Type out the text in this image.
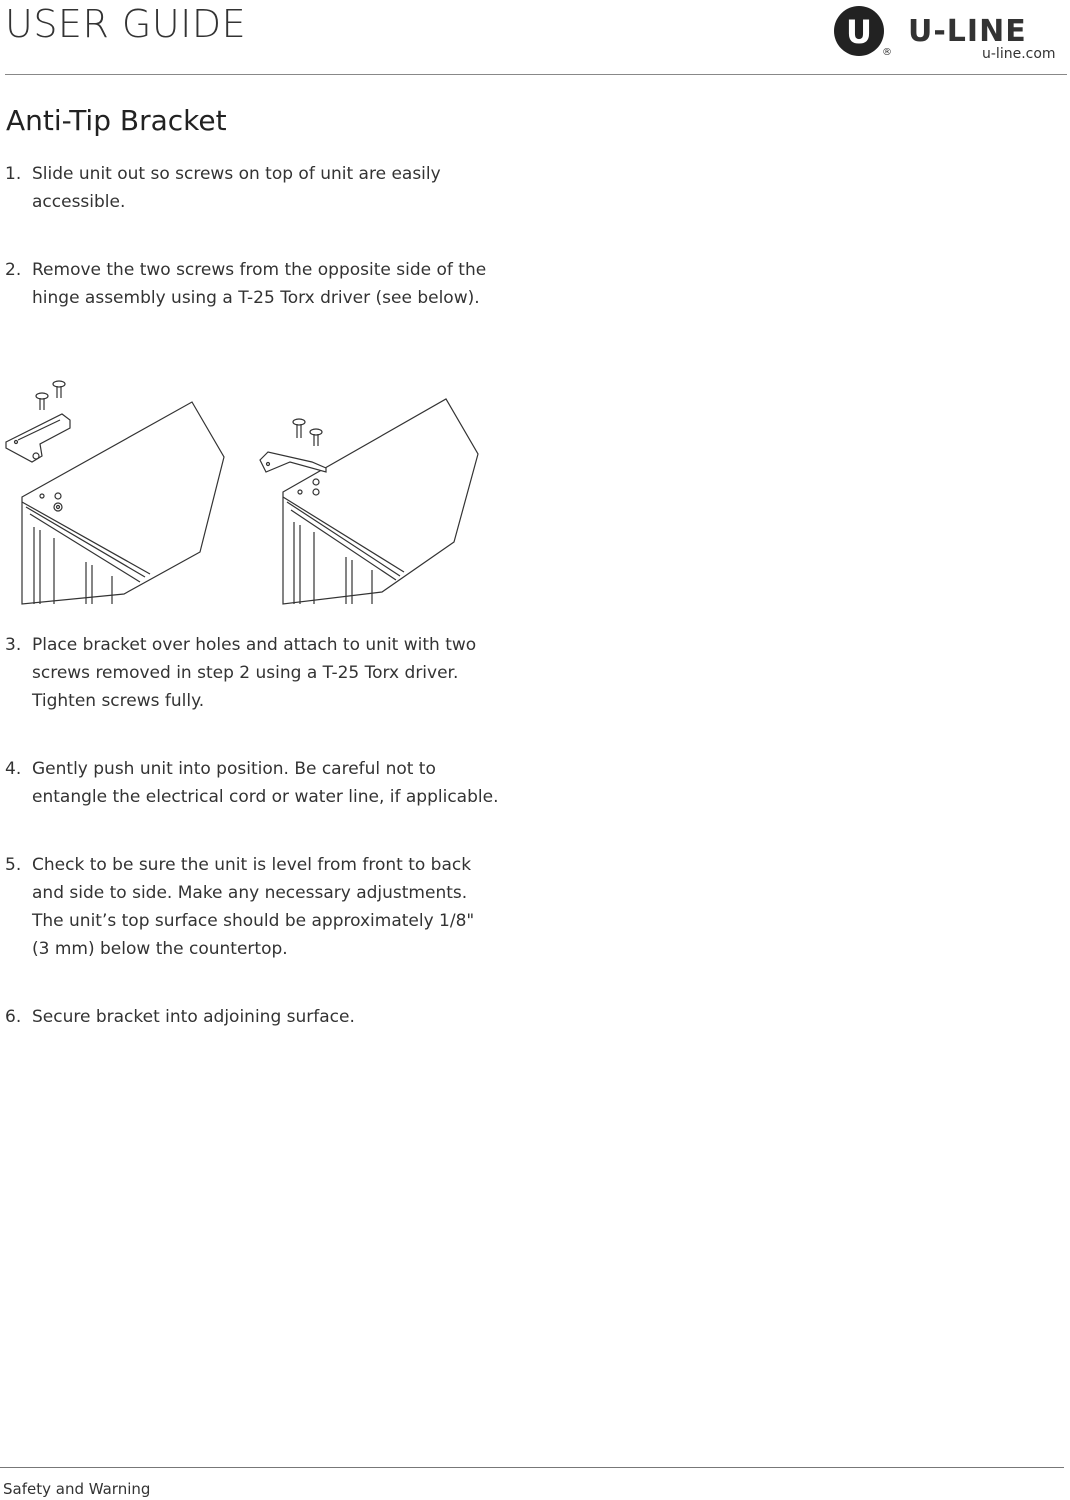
USER GUIDE	U
®
U-LINE
u-line.com
Anti-Tip Bracket
1. Slide unit out so screws on top of unit are easily
accessible.
2. Remove the two screws from the opposite side of the
hinge assembly using a T-25 Torx driver (see below).
3. Place bracket over holes and attach to unit with two
screws removed in step 2 using a T-25 Torx driver.
Tighten screws fully.
4. Gently push unit into position. Be careful not to
entangle the electrical cord or water line, if applicable.
5. Check to be sure the unit is level from front to back
and side to side. Make any necessary adjustments.
The unit’s top surface should be approximately 1/8"
(3 mm) below the countertop.
6. Secure bracket into adjoining surface.
Safety and Warning
